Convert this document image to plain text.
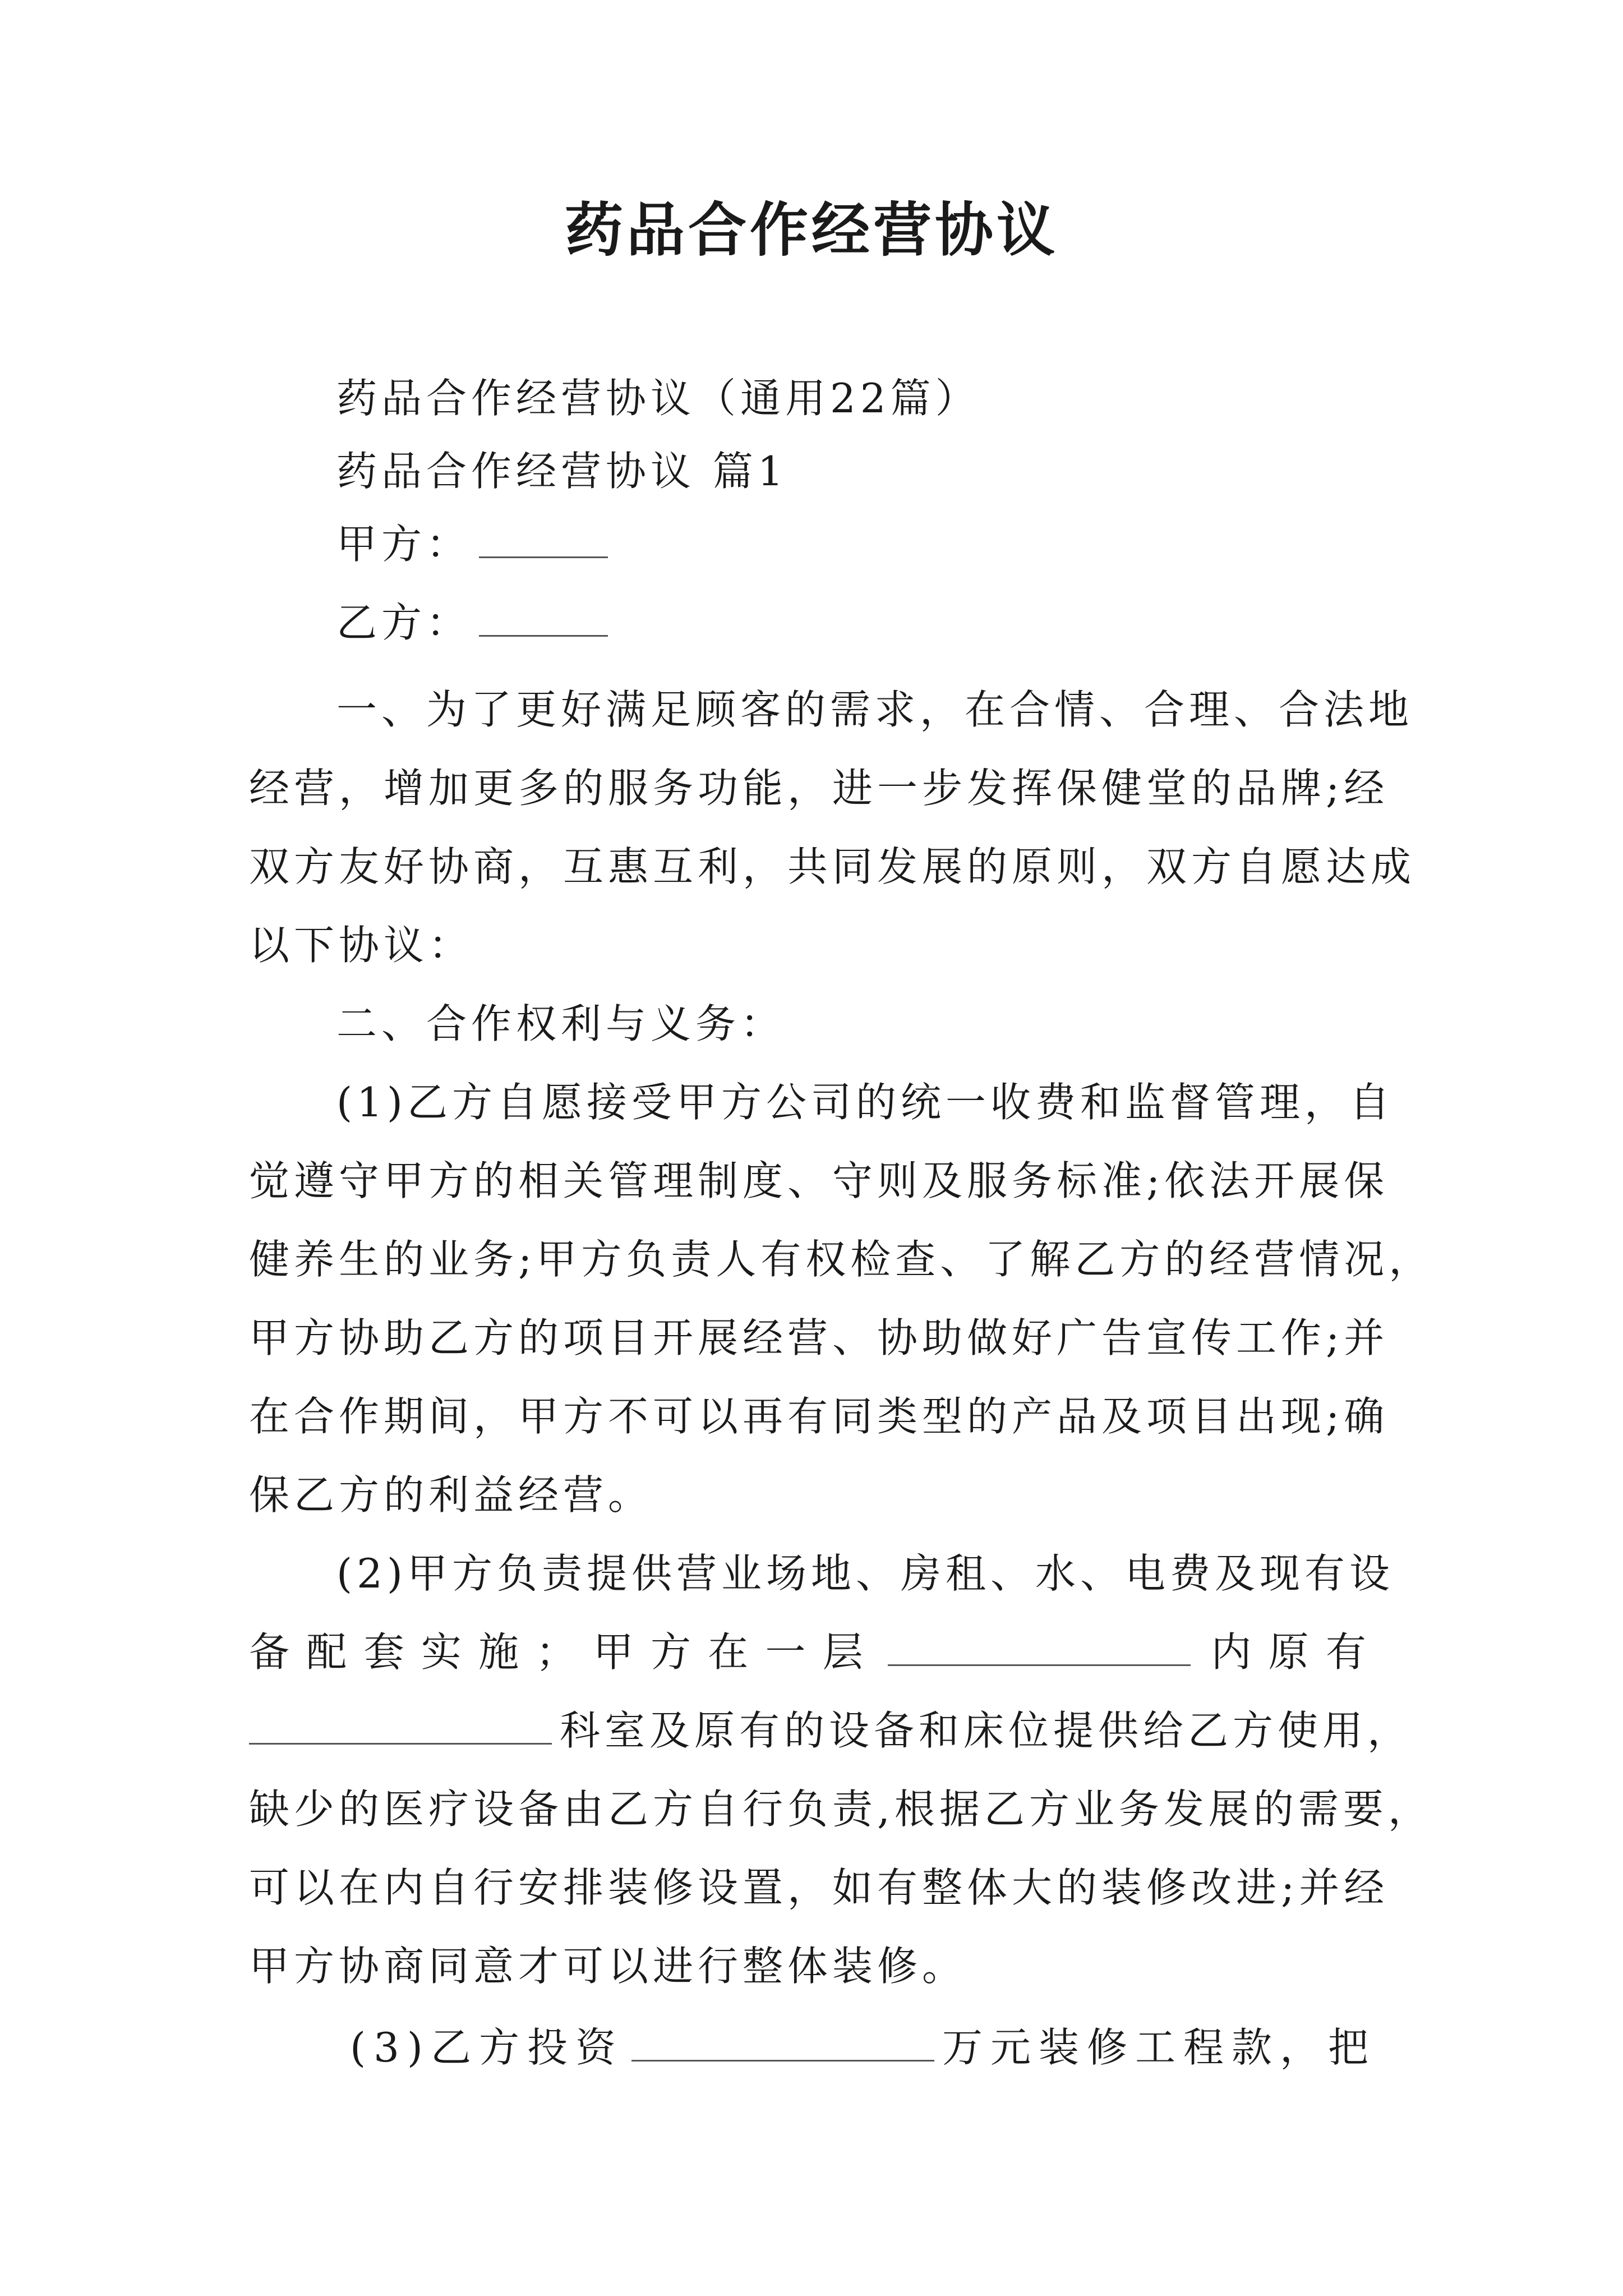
药品合作经营协议
药品合作经营协议（通用22篇）
药品合作经营协议 篇1
甲方：
乙方：
一、为了更好满足顾客的需求，在合情、合理、合法地
经营，增加更多的服务功能，进一步发挥保健堂的品牌;经
双方友好协商，互惠互利，共同发展的原则，双方自愿达成
以下协议：
二、合作权利与义务：
(1)乙方自愿接受甲方公司的统一收费和监督管理，自
觉遵守甲方的相关管理制度、守则及服务标准;依法开展保
健养生的业务;甲方负责人有权检查、了解乙方的经营情况，
甲方协助乙方的项目开展经营、协助做好广告宣传工作;并
在合作期间，甲方不可以再有同类型的产品及项目出现;确
保乙方的利益经营。
(2)甲方负责提供营业场地、房租、水、电费及现有设
备 配 套 实 施 ； 甲 方 在 一 层	内 原 有
科室及原有的设备和床位提供给乙方使用，
缺少的医疗设备由乙方自行负责,根据乙方业务发展的需要，
可以在内自行安排装修设置，如有整体大的装修改进;并经
甲方协商同意才可以进行整体装修。
(3)乙方投资	万元装修工程款，把
